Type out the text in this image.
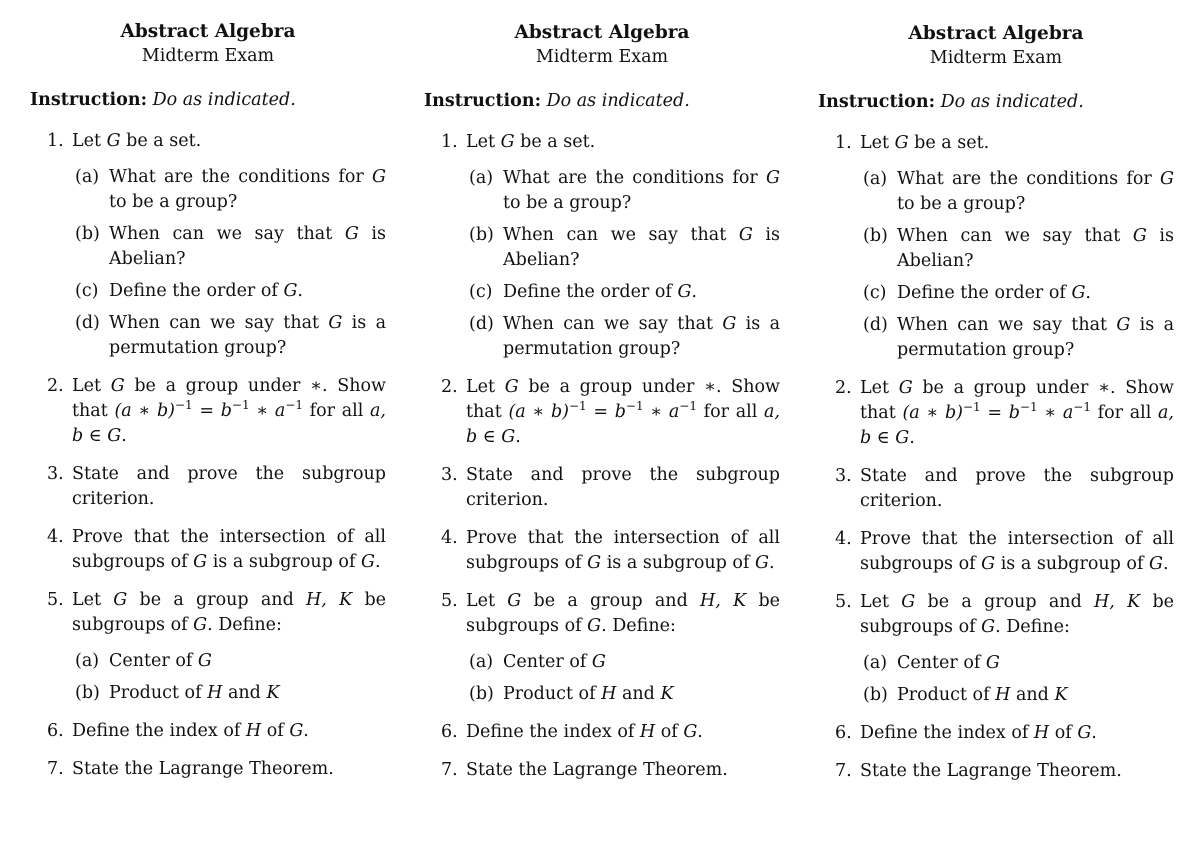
Abstract Algebra
Midterm Exam
Instruction: Do as indicated.
1. Let G be a set.
(a) What are the conditions for G to be a group?
(b) When can we say that G is Abelian?
(c) Define the order of G.
(d) When can we say that G is a permutation group?
2. Let G be a group under ∗. Show that (a ∗ $b)^{-1} = b^{-1}$ ∗ $a^{-1}$ for all a, b ∈ G.
3. State and prove the subgroup criterion.
4. Prove that the intersection of all subgroups of G is a subgroup of G.
5. Let G be a group and H, K be subgroups of G. Define:
(a) Center of G
(b) Product of H and K
6. Define the index of H of G.
7. State the Lagrange Theorem.
Abstract Algebra
Midterm Exam
Instruction: Do as indicated.
1. Let G be a set.
(a) What are the conditions for G to be a group?
(b) When can we say that G is Abelian?
(c) Define the order of G.
(d) When can we say that G is a permutation group?
2. Let G be a group under ∗. Show that (a ∗ $b)^{-1} = b^{-1}$ ∗ $a^{-1}$ for all a, b ∈ G.
3. State and prove the subgroup criterion.
4. Prove that the intersection of all subgroups of G is a subgroup of G.
5. Let G be a group and H, K be subgroups of G. Define:
(a) Center of G
(b) Product of H and K
6. Define the index of H of G.
7. State the Lagrange Theorem.
Abstract Algebra
Midterm Exam
Instruction: Do as indicated.
1. Let G be a set.
(a) What are the conditions for G to be a group?
(b) When can we say that G is Abelian?
(c) Define the order of G.
(d) When can we say that G is a permutation group?
2. Let G be a group under ∗. Show that (a ∗ $b)^{-1} = b^{-1}$ ∗ $a^{-1}$ for all a, b ∈ G.
3. State and prove the subgroup criterion.
4. Prove that the intersection of all subgroups of G is a subgroup of G.
5. Let G be a group and H, K be subgroups of G. Define:
(a) Center of G
(b) Product of H and K
6. Define the index of H of G.
7. State the Lagrange Theorem.
